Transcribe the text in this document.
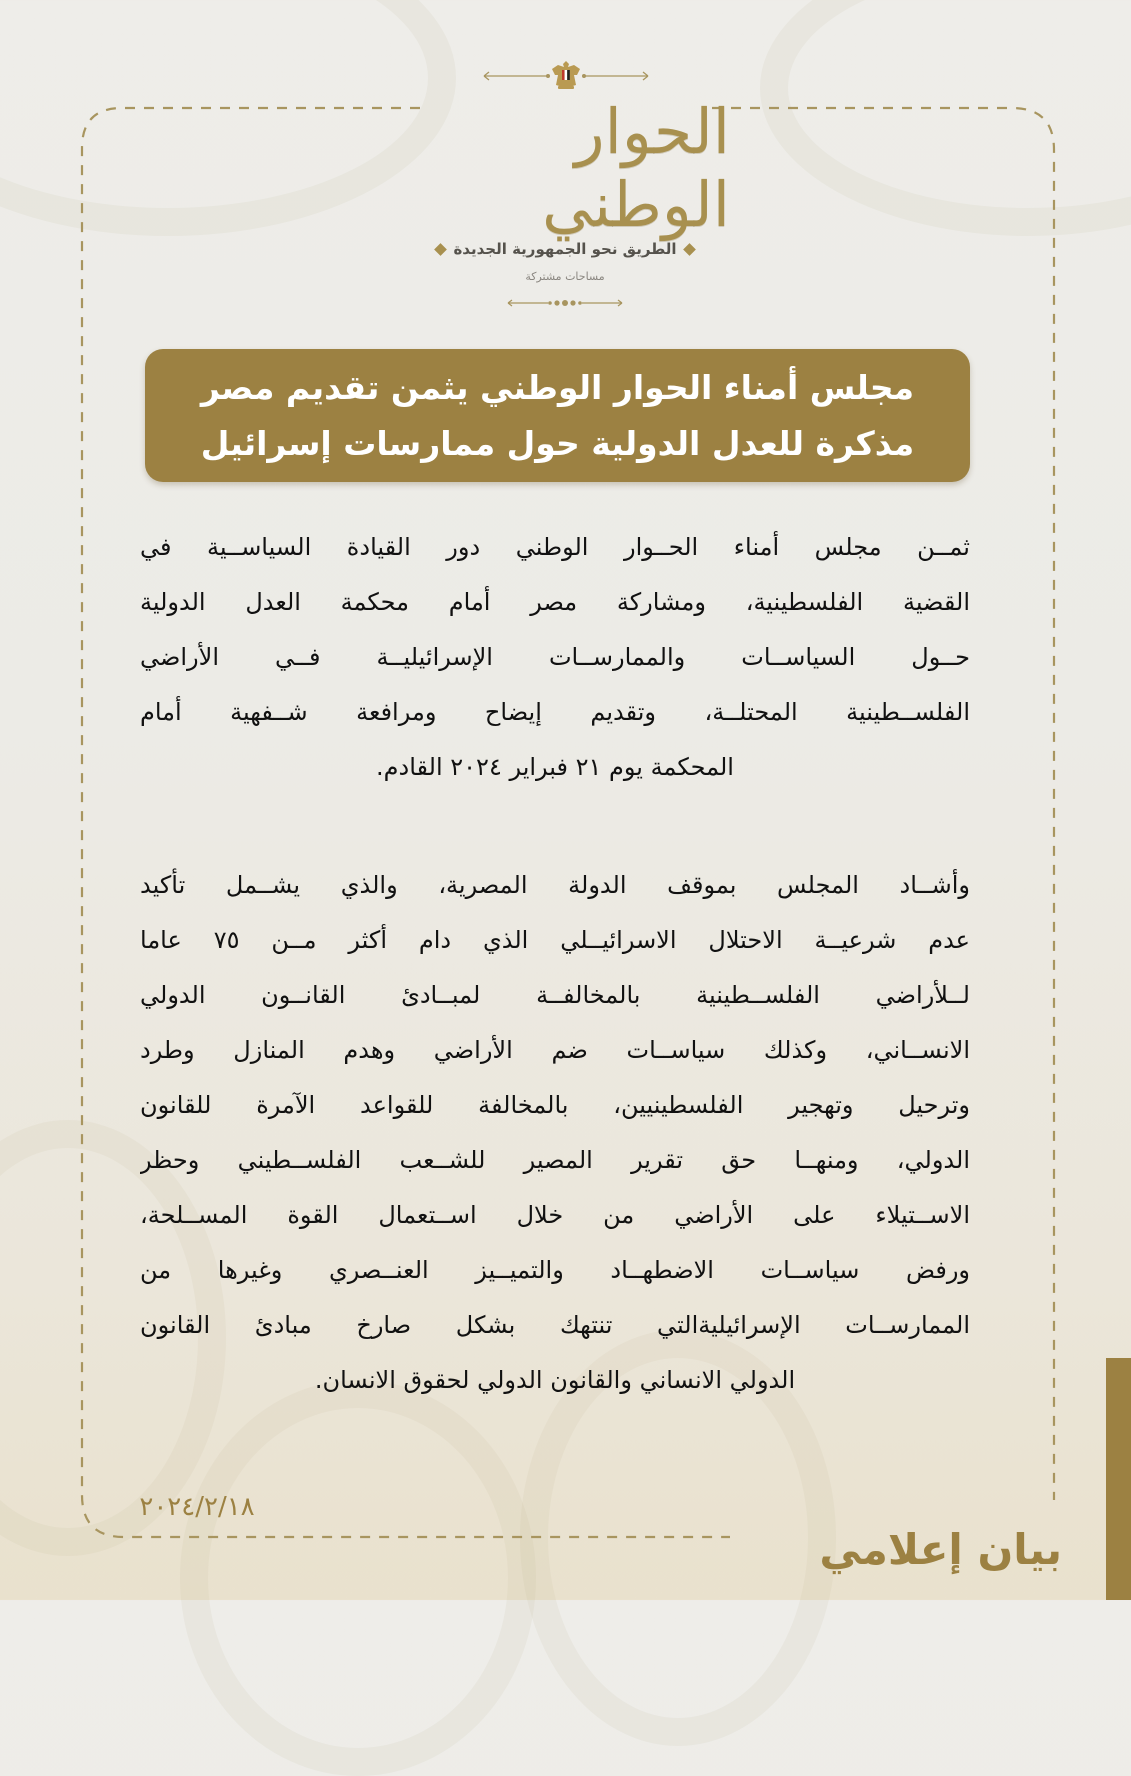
الحوار الوطني
الطريق نحو الجمهورية الجديدة
مساحات مشتركة
مجلس أمناء الحوار الوطني يثمن تقديم مصر
مذكرة للعدل الدولية حول ممارسات إسرائيل
ثمــن مجلس أمناء الحــوار الوطني دور القيادة السياســية في
القضية الفلسطينية، ومشاركة مصر أمام محكمة العدل الدولية
حــول السياســات والممارســات الإسرائيليــة فــي الأراضي
الفلســطينية المحتلــة، وتقديم إيضاح ومرافعة شــفهية أمام
المحكمة يوم ٢١ فبراير ٢٠٢٤ القادم.
وأشــاد المجلس بموقف الدولة المصرية، والذي يشــمل تأكيد
عدم شرعيــة الاحتلال الاسرائيــلي الذي دام أكثر مــن ٧٥ عاما
لــلأراضي الفلســطينية بالمخالفــة لمبــادئ القانــون الدولي
الانســاني، وكذلك سياســات ضم الأراضي وهدم المنازل وطرد
وترحيل وتهجير الفلسطينيين، بالمخالفة للقواعد الآمرة للقانون
الدولي، ومنهــا حق تقرير المصير للشــعب الفلســطيني وحظر
الاســتيلاء على الأراضي من خلال اســتعمال القوة المســلحة،
ورفض سياســات الاضطهــاد والتميــيز العنــصري وغيرها من
الممارســات الإسرائيليةالتي تنتهك بشكل صارخ مبادئ القانون
الدولي الانساني والقانون الدولي لحقوق الانسان.
٢٠٢٤/٢/١٨
بيان إعلامي
